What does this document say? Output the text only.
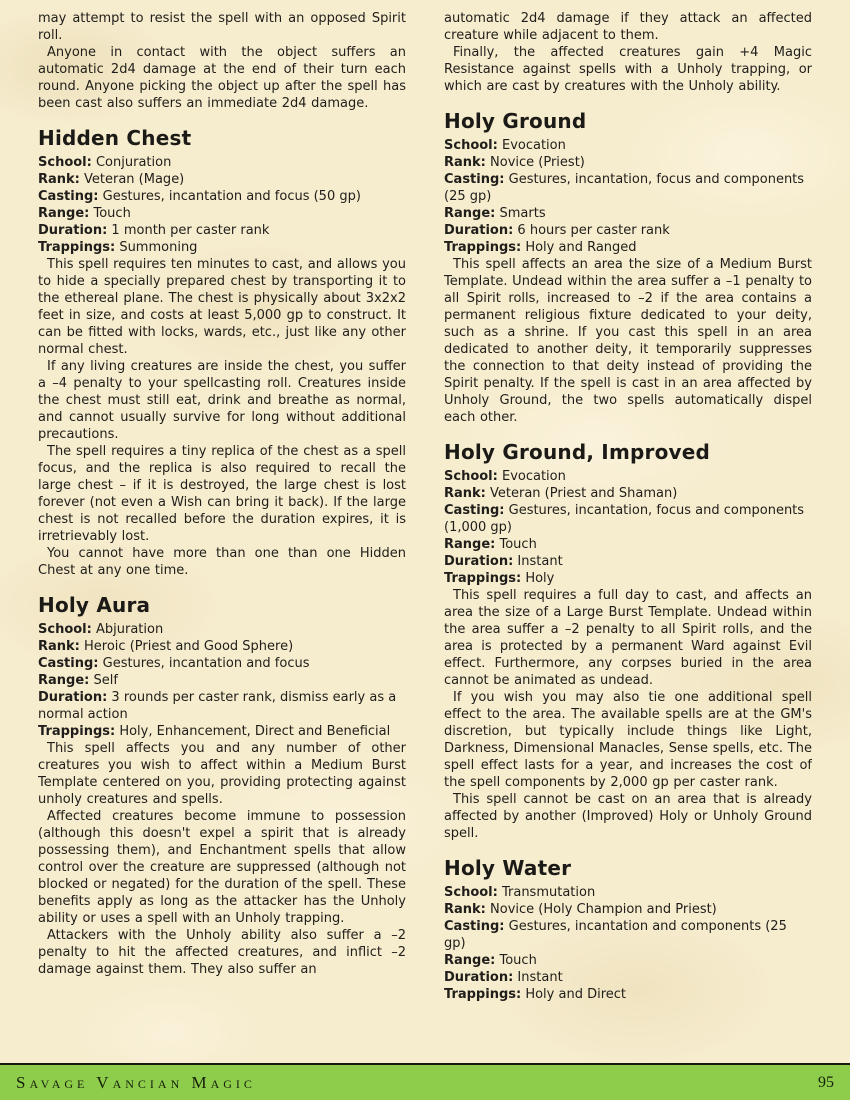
may attempt to resist the spell with an opposed Spirit roll.

Anyone in contact with the object suffers an automatic 2d4 damage at the end of their turn each round. Anyone picking the object up after the spell has been cast also suffers an immediate 2d4 damage.

Hidden Chest
School: Conjuration
Rank: Veteran (Mage)
Casting: Gestures, incantation and focus (50 gp)
Range: Touch
Duration: 1 month per caster rank
Trappings: Summoning

This spell requires ten minutes to cast, and allows you to hide a specially prepared chest by transporting it to the ethereal plane. The chest is physically about 3x2x2 feet in size, and costs at least 5,000 gp to construct. It can be fitted with locks, wards, etc., just like any other normal chest.

If any living creatures are inside the chest, you suffer a –4 penalty to your spellcasting roll. Creatures inside the chest must still eat, drink and breathe as normal, and cannot usually survive for long without additional precautions.

The spell requires a tiny replica of the chest as a spell focus, and the replica is also required to recall the large chest – if it is destroyed, the large chest is lost forever (not even a Wish can bring it back). If the large chest is not recalled before the duration expires, it is irretrievably lost.

You cannot have more than one than one Hidden Chest at any one time.

Holy Aura
School: Abjuration
Rank: Heroic (Priest and Good Sphere)
Casting: Gestures, incantation and focus
Range: Self
Duration: 3 rounds per caster rank, dismiss early as a normal action
Trappings: Holy, Enhancement, Direct and Beneficial

This spell affects you and any number of other creatures you wish to affect within a Medium Burst Template centered on you, providing protecting against unholy creatures and spells.

Affected creatures become immune to possession (although this doesn't expel a spirit that is already possessing them), and Enchantment spells that allow control over the creature are suppressed (although not blocked or negated) for the duration of the spell. These benefits apply as long as the attacker has the Unholy ability or uses a spell with an Unholy trapping.

Attackers with the Unholy ability also suffer a –2 penalty to hit the affected creatures, and inflict –2 damage against them. They also suffer an

automatic 2d4 damage if they attack an affected creature while adjacent to them.

Finally, the affected creatures gain +4 Magic Resistance against spells with a Unholy trapping, or which are cast by creatures with the Unholy ability.

Holy Ground
School: Evocation
Rank: Novice (Priest)
Casting: Gestures, incantation, focus and components (25 gp)
Range: Smarts
Duration: 6 hours per caster rank
Trappings: Holy and Ranged

This spell affects an area the size of a Medium Burst Template. Undead within the area suffer a –1 penalty to all Spirit rolls, increased to –2 if the area contains a permanent religious fixture dedicated to your deity, such as a shrine. If you cast this spell in an area dedicated to another deity, it temporarily suppresses the connection to that deity instead of providing the Spirit penalty. If the spell is cast in an area affected by Unholy Ground, the two spells automatically dispel each other.

Holy Ground, Improved
School: Evocation
Rank: Veteran (Priest and Shaman)
Casting: Gestures, incantation, focus and components (1,000 gp)
Range: Touch
Duration: Instant
Trappings: Holy

This spell requires a full day to cast, and affects an area the size of a Large Burst Template. Undead within the area suffer a –2 penalty to all Spirit rolls, and the area is protected by a permanent Ward against Evil effect. Furthermore, any corpses buried in the area cannot be animated as undead.

If you wish you may also tie one additional spell effect to the area. The available spells are at the GM's discretion, but typically include things like Light, Darkness, Dimensional Manacles, Sense spells, etc. The spell effect lasts for a year, and increases the cost of the spell components by 2,000 gp per caster rank.

This spell cannot be cast on an area that is already affected by another (Improved) Holy or Unholy Ground spell.

Holy Water
School: Transmutation
Rank: Novice (Holy Champion and Priest)
Casting: Gestures, incantation and components (25 gp)
Range: Touch
Duration: Instant
Trappings: Holy and Direct
Savage Vancian Magic	95
